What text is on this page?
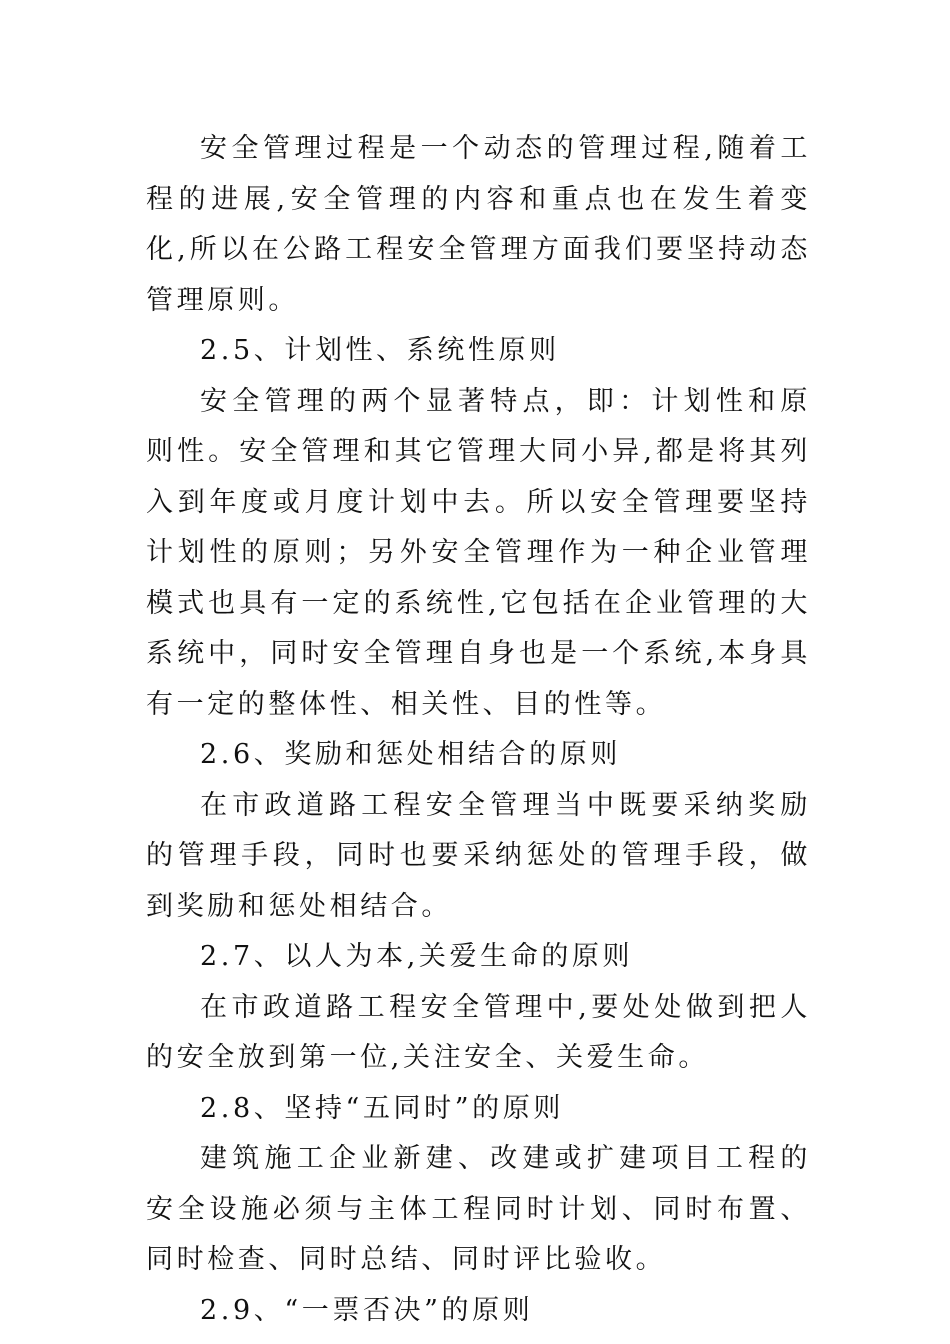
安全管理过程是一个动态的管理过程,随着工程的进展,安全管理的内容和重点也在发生着变化,所以在公路工程安全管理方面我们要坚持动态管理原则。

2.5、计划性、系统性原则

安全管理的两个显著特点，即：计划性和原则性。安全管理和其它管理大同小异,都是将其列入到年度或月度计划中去。所以安全管理要坚持计划性的原则；另外安全管理作为一种企业管理模式也具有一定的系统性,它包括在企业管理的大系统中，同时安全管理自身也是一个系统,本身具有一定的整体性、相关性、目的性等。

2.6、奖励和惩处相结合的原则

在市政道路工程安全管理当中既要采纳奖励的管理手段，同时也要采纳惩处的管理手段，做到奖励和惩处相结合。

2.7、以人为本,关爱生命的原则

在市政道路工程安全管理中,要处处做到把人的安全放到第一位,关注安全、关爱生命。

2.8、坚持“五同时”的原则

建筑施工企业新建、改建或扩建项目工程的安全设施必须与主体工程同时计划、同时布置、同时检查、同时总结、同时评比验收。

2.9、“一票否决”的原则
